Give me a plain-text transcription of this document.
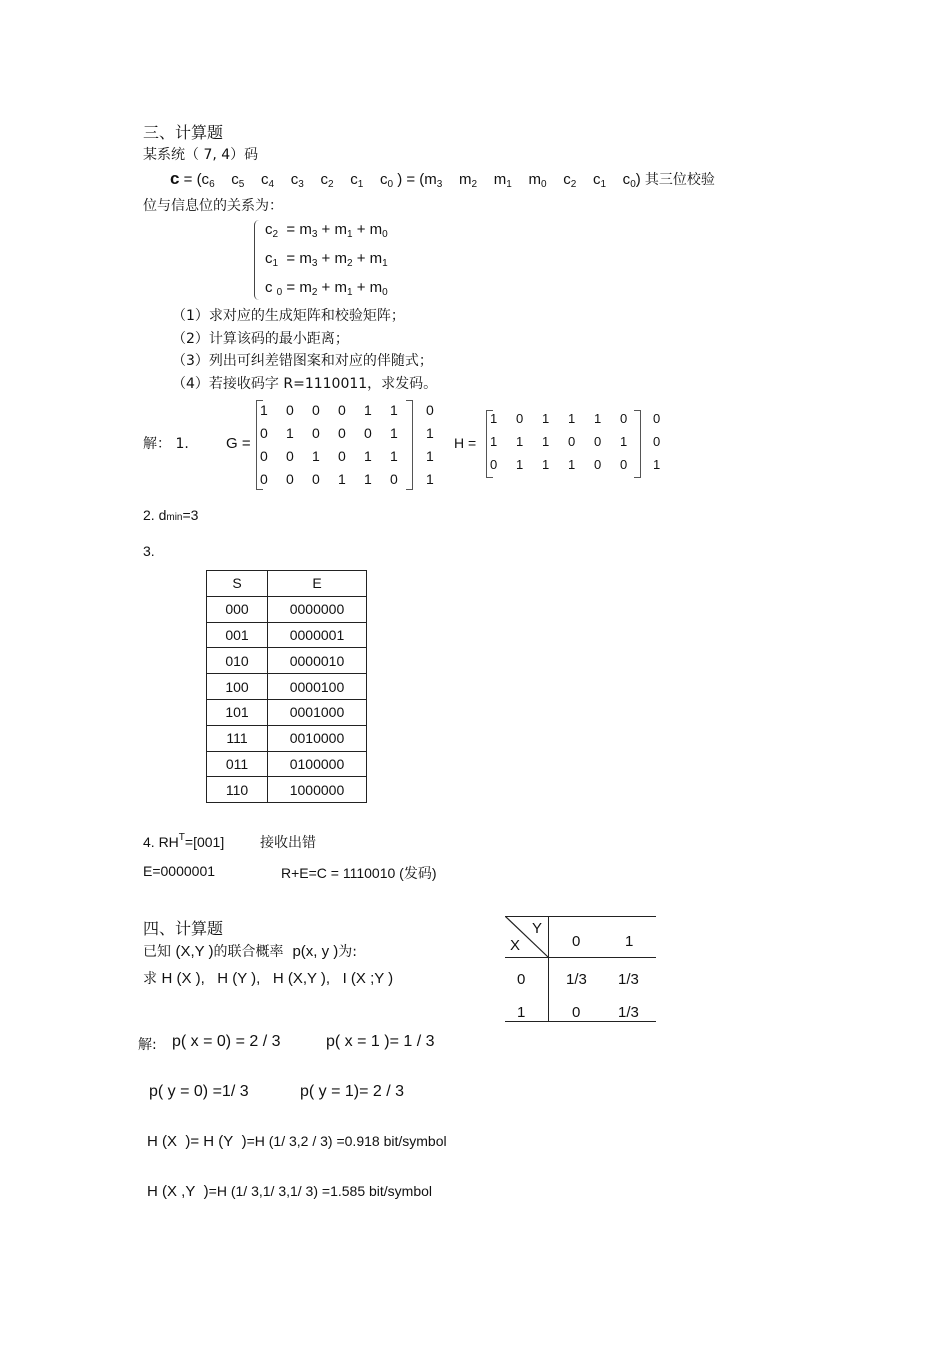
三、计算题
某系统（ 7, 4）码
$c = (c_6$    $c_5$    $c_4$    $c_3$    $c_2$    $c_1$    $c_0$ ) = ($m_3$    $m_2$    $m_1$    $m_0$    $c_2$    $c_1$    $c_0$) 其三位校验
位与信息位的关系为：
$c_2 = m_3 + m_1 + m_0$
$c_1 = m_3 + m_2 + m_1$
c $_0 = m_2 + m_1 + m_0$
（1）求对应的生成矩阵和校验矩阵；
（2）计算该码的最小距离；
（3）列出可纠差错图案和对应的伴随式；
（4）若接收码字 R=1110011，求发码。
解： 1. G =
1	0	0	0	1	1	0
0	1	0	0	0	1	1
0	0	1	0	1	1	1
0	0	0	1	1	0	1
H =
1	0	1	1	1	0	0
1	1	1	0	0	1	0
0	1	1	1	0	0	1
2. dmin=3
3.
S	E
000	0000000
001	0000001
010	0000010
100	0000100
101	0001000
111	0010000
011	0100000
110	1000000
4. $RH^T=[001]$	接收出错
E=0000001	R+E=C = 1110010 (发码)
四、计算题
已知 (X,Y )的联合概率 p(x, y )为:
求 H (X ),   H (Y ),   H (X,Y ),   I (X ;Y )
Y
X	0	1
0	1/3 1/3
1	0	1/3
解: p( x = 0) = 2 / 3	p( x = 1 )= 1 / 3
p( y = 0) =1/ 3	p( y = 1)= 2 / 3
H (X  )= H (Y  )=H (1/ 3,2 / 3) =0.918 bit/symbol
H (X ,Y  )=H (1/ 3,1/ 3,1/ 3) =1.585 bit/symbol
